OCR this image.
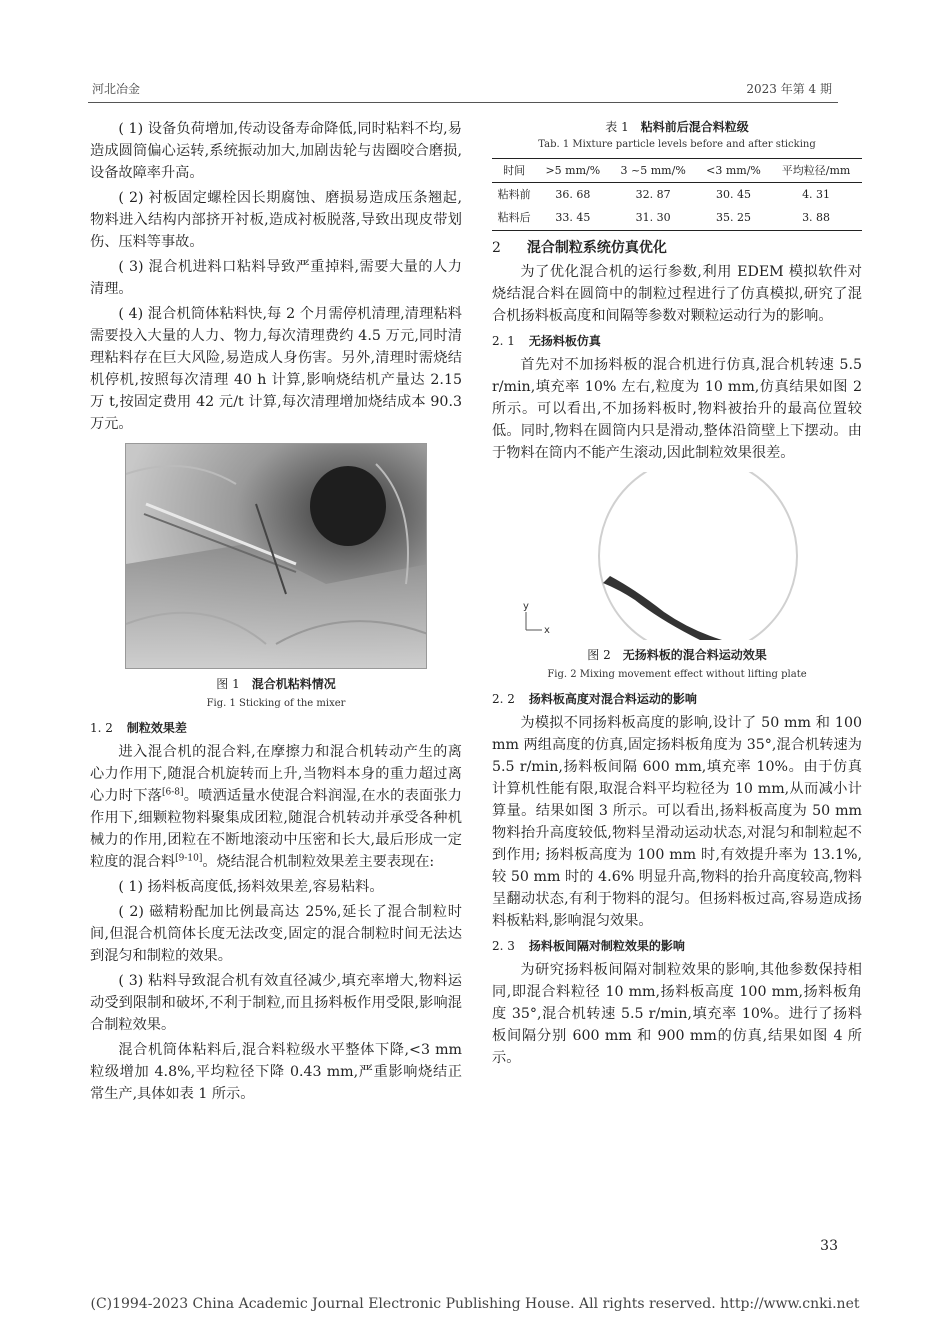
河北冶金	2023 年第 4 期

( 1) 设备负荷增加,传动设备寿命降低,同时粘料不均,易造成圆筒偏心运转,系统振动加大,加剧齿轮与齿圈咬合磨损,设备故障率升高。

( 2) 衬板固定螺栓因长期腐蚀、磨损易造成压条翘起,物料进入结构内部挤开衬板,造成衬板脱落,导致出现皮带划伤、压料等事故。

( 3) 混合机进料口粘料导致严重掉料,需要大量的人力清理。

( 4) 混合机筒体粘料快,每 2 个月需停机清理,清理粘料需要投入大量的人力、物力,每次清理费约 4.5 万元,同时清理粘料存在巨大风险,易造成人身伤害。另外,清理时需烧结机停机,按照每次清理 40 h 计算,影响烧结机产量达 2.15 万 t,按固定费用 42 元/t 计算,每次清理增加烧结成本 90.3 万元。

图 1 混合机粘料情况
Fig. 1 Sticking of the mixer
1. 2 制粒效果差

进入混合机的混合料,在摩擦力和混合机转动产生的离心力作用下,随混合机旋转而上升,当物料本身的重力超过离心力时下落[6-8]。喷洒适量水使混合料润湿,在水的表面张力作用下,细颗粒物料聚集成团粒,随混合机转动并承受各种机械力的作用,团粒在不断地滚动中压密和长大,最后形成一定粒度的混合料[9-10]。烧结混合机制粒效果差主要表现在:

( 1) 扬料板高度低,扬料效果差,容易粘料。

( 2) 磁精粉配加比例最高达 25%,延长了混合制粒时间,但混合机筒体长度无法改变,固定的混合制粒时间无法达到混匀和制粒的效果。

( 3) 粘料导致混合机有效直径减少,填充率增大,物料运动受到限制和破坏,不利于制粒,而且扬料板作用受限,影响混合制粒效果。

混合机筒体粘料后,混合料粒级水平整体下降,<3 mm 粒级增加 4.8%,平均粒径下降 0.43 mm,严重影响烧结正常生产,具体如表 1 所示。

表 1 粘料前后混合料粒级
Tab. 1 Mixture particle levels before and after sticking
时间	>5 mm/%	3 ~5 mm/%	<3 mm/%	平均粒径/mm
粘料前	36. 68	32. 87	30. 45	4. 31
粘料后	33. 45	31. 30	35. 25	3. 88
2 混合制粒系统仿真优化

为了优化混合机的运行参数,利用 EDEM 模拟软件对烧结混合料在圆筒中的制粒过程进行了仿真模拟,研究了混合机扬料板高度和间隔等参数对颗粒运动行为的影响。

2. 1 无扬料板仿真

首先对不加扬料板的混合机进行仿真,混合机转速 5.5 r/min,填充率 10% 左右,粒度为 10 mm,仿真结果如图 2 所示。可以看出,不加扬料板时,物料被抬升的最高位置较低。同时,物料在圆筒内只是滑动,整体沿筒壁上下摆动。由于物料在筒内不能产生滚动,因此制粒效果很差。

y
x
图 2 无扬料板的混合料运动效果
Fig. 2 Mixing movement effect without lifting plate
2. 2 扬料板高度对混合料运动的影响

为模拟不同扬料板高度的影响,设计了 50 mm 和 100 mm 两组高度的仿真,固定扬料板角度为 35°,混合机转速为 5.5 r/min,扬料板间隔 600 mm,填充率 10%。由于仿真计算机性能有限,取混合料平均粒径为 10 mm,从而减小计算量。结果如图 3 所示。可以看出,扬料板高度为 50 mm 物料抬升高度较低,物料呈滑动运动状态,对混匀和制粒起不到作用; 扬料板高度为 100 mm 时,有效提升率为 13.1%,较 50 mm 时的 4.6% 明显升高,物料的抬升高度较高,物料呈翻动状态,有利于物料的混匀。但扬料板过高,容易造成扬料板粘料,影响混匀效果。

2. 3 扬料板间隔对制粒效果的影响

为研究扬料板间隔对制粒效果的影响,其他参数保持相同,即混合料粒径 10 mm,扬料板高度 100 mm,扬料板角度 35°,混合机转速 5.5 r/min,填充率 10%。进行了扬料板间隔分别 600 mm 和 900 mm的仿真,结果如图 4 所示。

33
(C)1994-2023 China Academic Journal Electronic Publishing House. All rights reserved. http://www.cnki.net
